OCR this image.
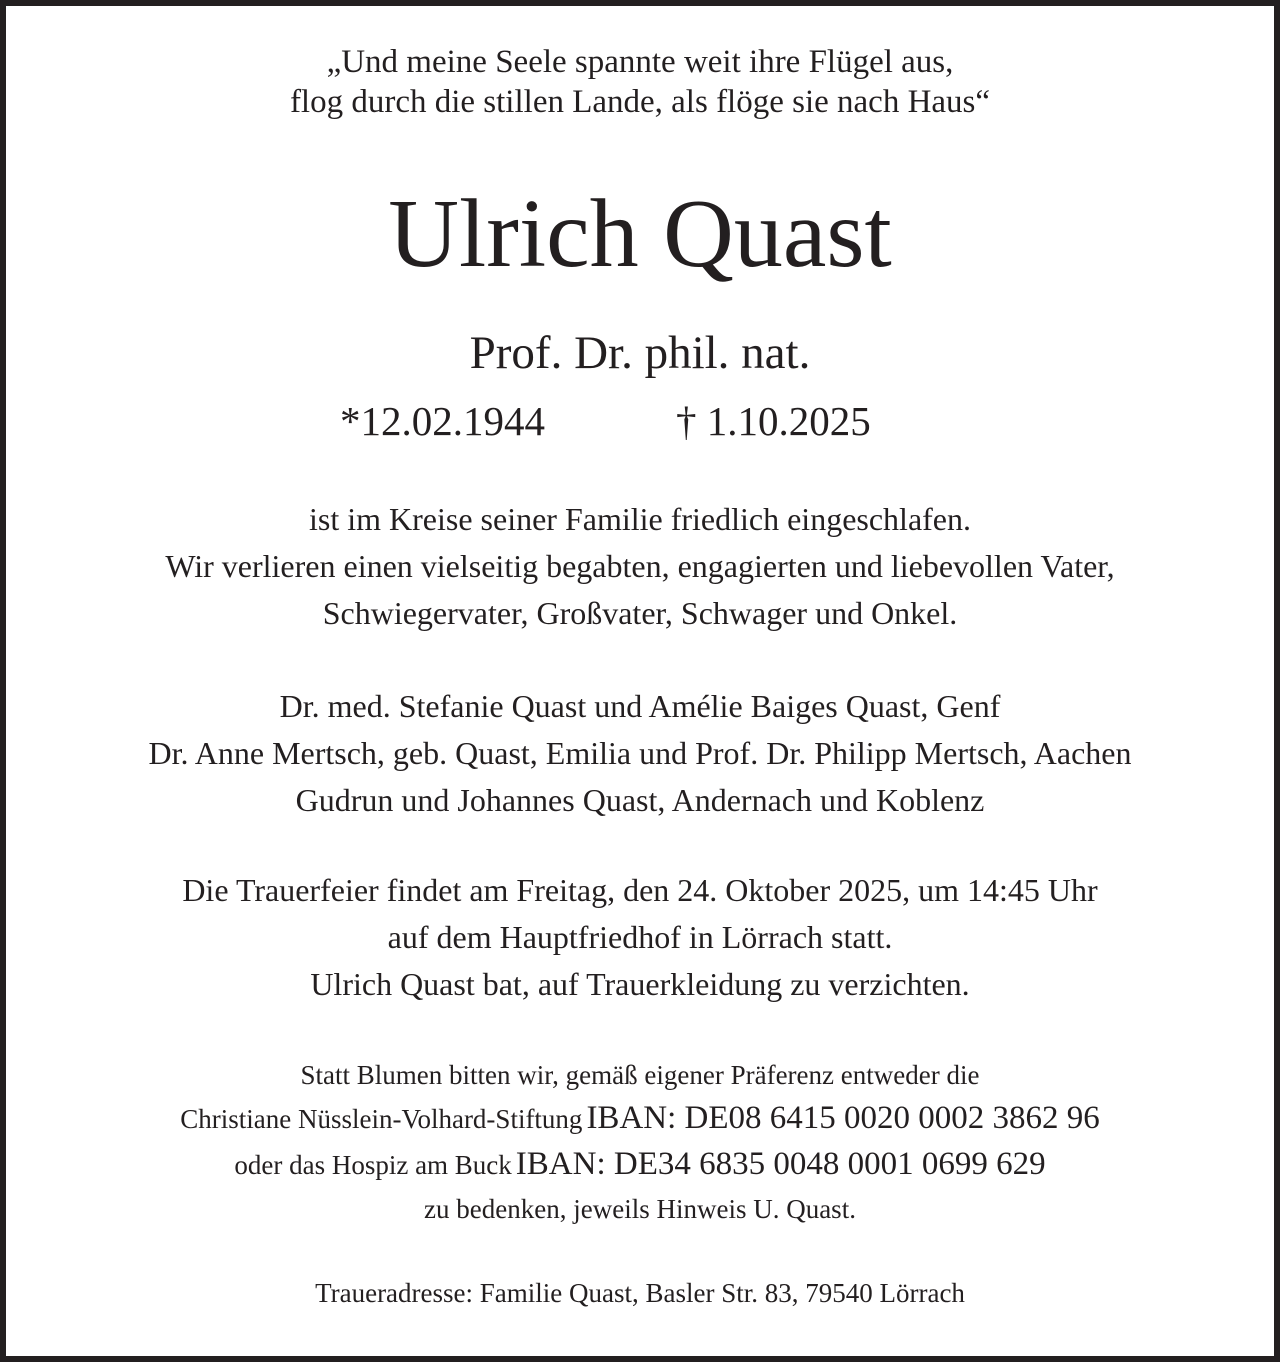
„Und meine Seele spannte weit ihre Flügel aus,
flog durch die stillen Lande, als flöge sie nach Haus“
Ulrich Quast
Prof. Dr. phil. nat.
*12.02.1944	† 1.10.2025
ist im Kreise seiner Familie friedlich eingeschlafen.
Wir verlieren einen vielseitig begabten, engagierten und liebevollen Vater,
Schwiegervater, Großvater, Schwager und Onkel.
Dr. med. Stefanie Quast und Amélie Baiges Quast, Genf
Dr. Anne Mertsch, geb. Quast, Emilia und Prof. Dr. Philipp Mertsch, Aachen
Gudrun und Johannes Quast, Andernach und Koblenz
Die Trauerfeier findet am Freitag, den 24. Oktober 2025, um 14:45 Uhr
auf dem Hauptfriedhof in Lörrach statt.
Ulrich Quast bat, auf Trauerkleidung zu verzichten.
Statt Blumen bitten wir, gemäß eigener Präferenz entweder die
Christiane Nüsslein-Volhard-Stiftung IBAN: DE08 6415 0020 0002 3862 96
oder das Hospiz am Buck IBAN: DE34 6835 0048 0001 0699 629
zu bedenken, jeweils Hinweis U. Quast.
Traueradresse: Familie Quast, Basler Str. 83, 79540 Lörrach
